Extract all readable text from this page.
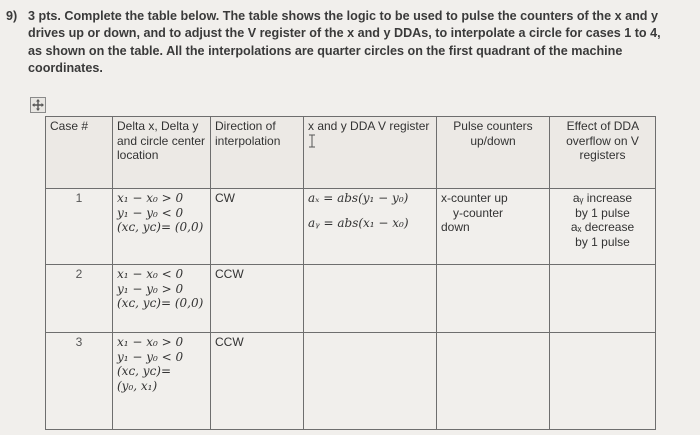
9) 3 pts. Complete the table below. The table shows the logic to be used to pulse the counters of the x and y drives up or down, and to adjust the V register of the x and y DDAs, to interpolate a circle for cases 1 to 4, as shown on the table. All the interpolations are quarter circles on the first quadrant of the machine coordinates.
Case #	Delta x, Delta y and circle center location	Direction of interpolation	x and y DDA V register	Pulse counters up/down	Effect of DDA overflow on V registers
1	x₁ − x₀ > 0
y₁ − y₀ < 0
(xᴄ, yᴄ)= (0,0)	CW	aₓ = abs(y₁ − y₀)
aᵧ = abs(x₁ − x₀)	x-counter up
y-counter
down	aᵧ increase
by 1 pulse
aₓ decrease
by 1 pulse

2	x₁ − x₀ < 0
y₁ − y₀ > 0
(xᴄ, yᴄ)= (0,0)	CCW			
3	x₁ − x₀ > 0
y₁ − y₀ < 0
(xᴄ, yᴄ)=
(y₀, x₁)	CCW			
